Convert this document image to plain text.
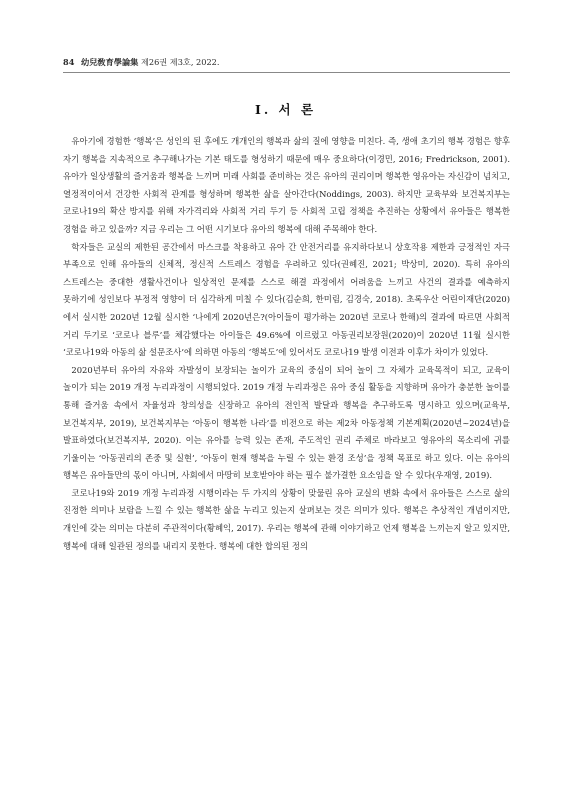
84 幼兒敎育學論集 제26권 제3호, 2022.
Ⅰ. 서 론

유아기에 경험한 ‘행복’은 성인의 된 후에도 개개인의 행복과 삶의 질에 영향을 미친다. 즉, 생애 초기의 행복 경험은 향후 자기 행복을 지속적으로 추구해나가는 기본 태도를 형성하기 때문에 매우 중요하다(이경민, 2016; Fredrickson, 2001). 유아가 일상생활의 즐거움과 행복을 느끼며 미래 사회를 준비하는 것은 유아의 권리이며 행복한 영유아는 자신감이 넘치고, 열정적이어서 건강한 사회적 관계를 형성하며 행복한 삶을 살아간다(Noddings, 2003). 하지만 교육부와 보건복지부는 코로나19의 확산 방지를 위해 자가격리와 사회적 거리 두기 등 사회적 고립 정책을 추진하는 상황에서 유아들은 행복한 경험을 하고 있을까? 지금 우리는 그 어떤 시기보다 유아의 행복에 대해 주목해야 한다.

학자들은 교실의 제한된 공간에서 마스크를 착용하고 유아 간 안전거리를 유지하다보니 상호작용 제한과 긍정적인 자극 부족으로 인해 유아들의 신체적, 정신적 스트레스 경험을 우려하고 있다(권혜진, 2021; 박상미, 2020). 특히 유아의 스트레스는 중대한 생활사건이나 일상적인 문제를 스스로 해결 과정에서 어려움을 느끼고 사건의 결과를 예측하지 못하기에 성인보다 부정적 영향이 더 심각하게 미칠 수 있다(김순희, 한미림, 김경숙, 2018). 초록우산 어린이재단(2020)에서 실시한 2020년 12월 실시한 ‘나에게 2020년은?(아이들이 평가하는 2020년 코로나 한해)의 결과에 따르면 사회적 거리 두기로 ‘코로나 블루’를 체감했다는 아이들은 49.6%에 이르렀고 아동권리보장원(2020)이 2020년 11월 실시한 ‘코로나19와 아동의 삶 설문조사’에 의하면 아동의 ‘행복도’에 있어서도 코로나19 발생 이전과 이후가 차이가 있었다.

2020년부터 유아의 자유와 자발성이 보장되는 놀이가 교육의 중심이 되어 놀이 그 자체가 교육목적이 되고, 교육이 놀이가 되는 2019 개정 누리과정이 시행되었다. 2019 개정 누리과정은 유아 중심 활동을 지향하며 유아가 충분한 놀이를 통해 즐거움 속에서 자율성과 창의성을 신장하고 유아의 전인적 발달과 행복을 추구하도록 명시하고 있으며(교육부, 보건복지부, 2019), 보건복지부는 ‘아동이 행복한 나라’를 비전으로 하는 제2차 아동정책 기본계획(2020년~2024년)을 발표하였다(보건복지부, 2020). 이는 유아를 능력 있는 존재, 주도적인 권리 주체로 바라보고 영유아의 목소리에 귀를 기울이는 ‘아동권리의 존중 및 실현’, ‘아동이 현재 행복을 누릴 수 있는 환경 조성’을 정책 목표로 하고 있다. 이는 유아의 행복은 유아들만의 몫이 아니며, 사회에서 마땅히 보호받아야 하는 필수 불가결한 요소임을 알 수 있다(우재영, 2019).

코로나19와 2019 개정 누리과정 시행이라는 두 가지의 상황이 맞물린 유아 교실의 변화 속에서 유아들은 스스로 삶의 진정한 의미나 보람을 느낄 수 있는 행복한 삶을 누리고 있는지 살펴보는 것은 의미가 있다. 행복은 추상적인 개념이지만, 개인에 갖는 의미는 다분히 주관적이다(황혜익, 2017). 우리는 행복에 관해 이야기하고 언제 행복을 느끼는지 알고 있지만, 행복에 대해 일관된 정의를 내리지 못한다. 행복에 대한 합의된 정의
